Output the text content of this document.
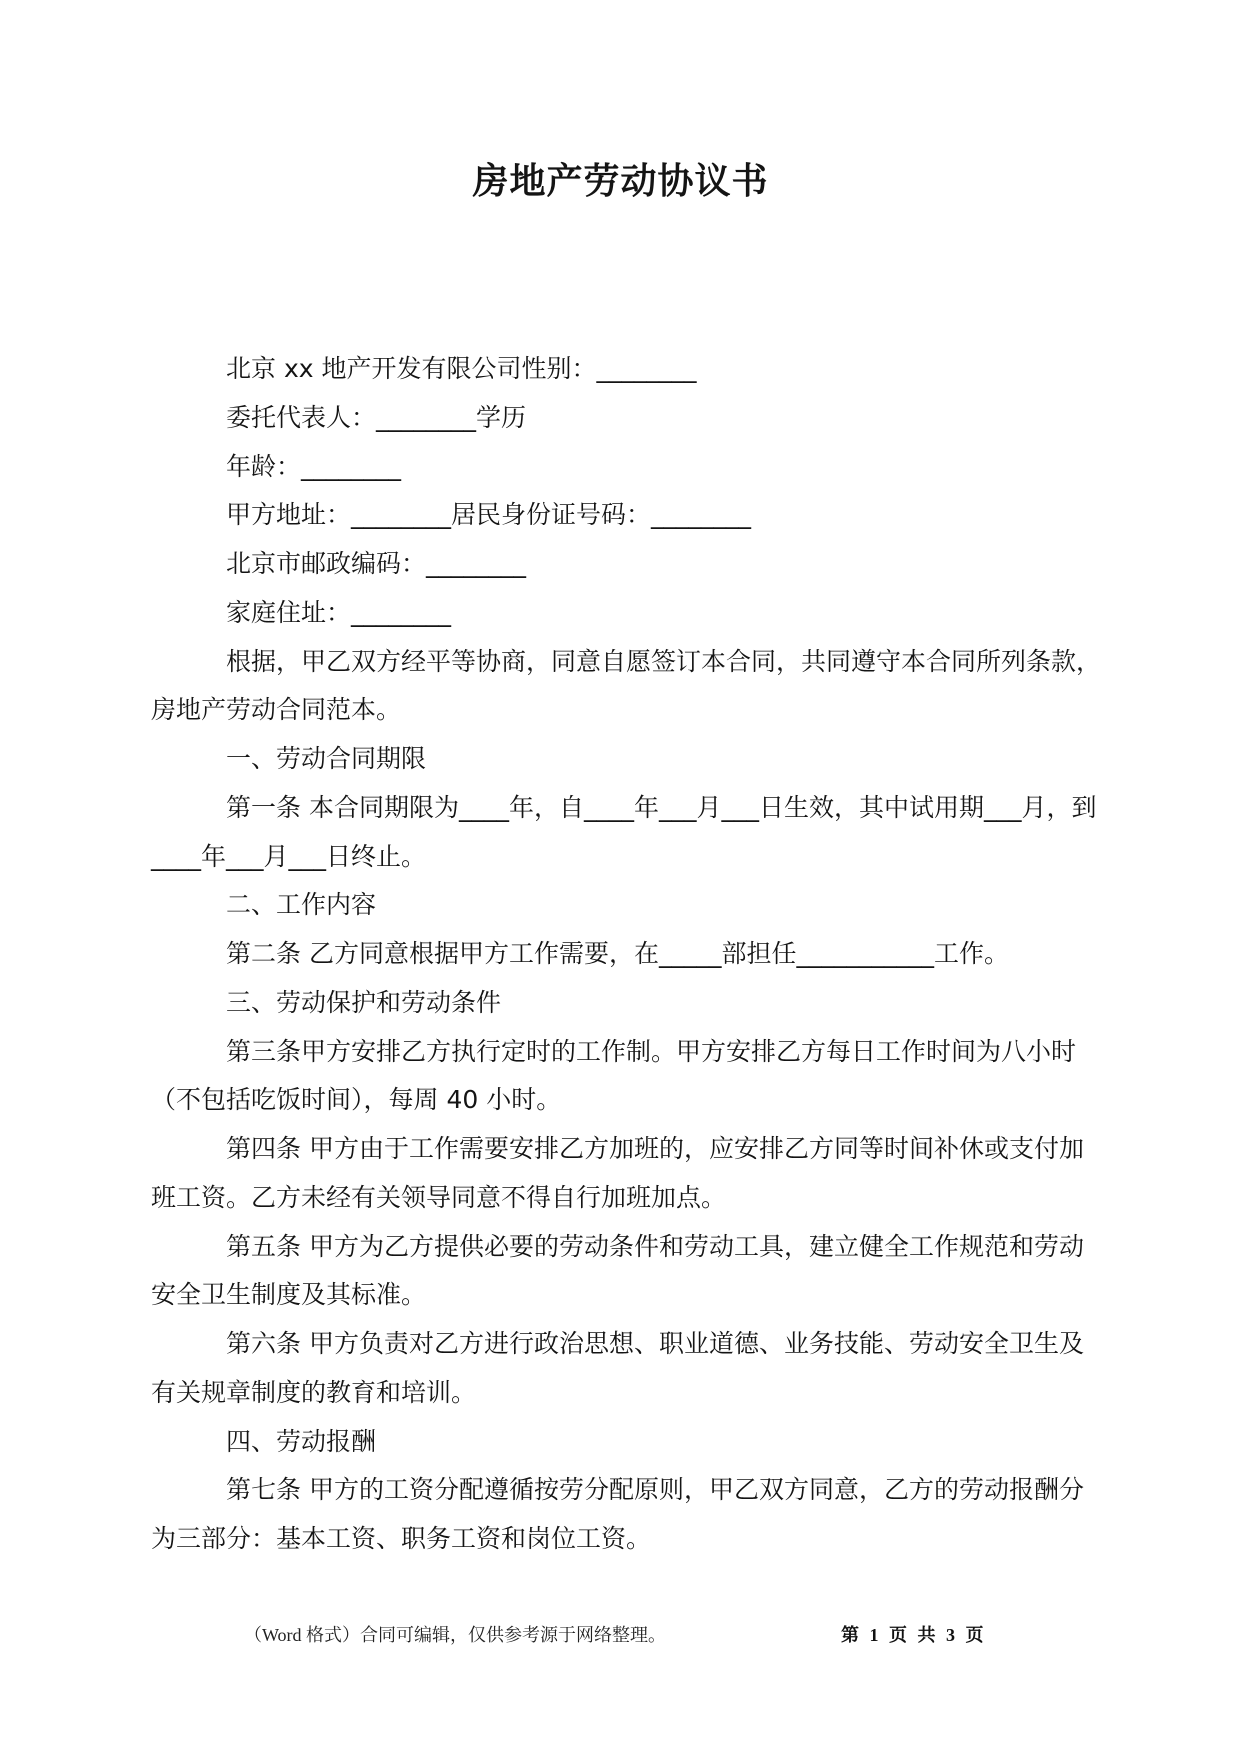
房地产劳动协议书
北京 xx 地产开发有限公司性别：________
委托代表人：________学历
年龄：________
甲方地址：________居民身份证号码：________
北京市邮政编码：________
家庭住址：________
根据，甲乙双方经平等协商，同意自愿签订本合同，共同遵守本合同所列条款，
房地产劳动合同范本。
一、劳动合同期限
第一条 本合同期限为____年，自____年___月___日生效，其中试用期___月，到
____年___月___日终止。
二、工作内容
第二条 乙方同意根据甲方工作需要，在_____部担任___________工作。
三、劳动保护和劳动条件
第三条甲方安排乙方执行定时的工作制。甲方安排乙方每日工作时间为八小时
（不包括吃饭时间），每周 40 小时。
第四条 甲方由于工作需要安排乙方加班的，应安排乙方同等时间补休或支付加
班工资。乙方未经有关领导同意不得自行加班加点。
第五条 甲方为乙方提供必要的劳动条件和劳动工具，建立健全工作规范和劳动
安全卫生制度及其标准。
第六条 甲方负责对乙方进行政治思想、职业道德、业务技能、劳动安全卫生及
有关规章制度的教育和培训。
四、劳动报酬
第七条 甲方的工资分配遵循按劳分配原则，甲乙双方同意，乙方的劳动报酬分
为三部分：基本工资、职务工资和岗位工资。
（Word 格式）合同可编辑，仅供参考源于网络整理。	第 1 页 共 3 页
